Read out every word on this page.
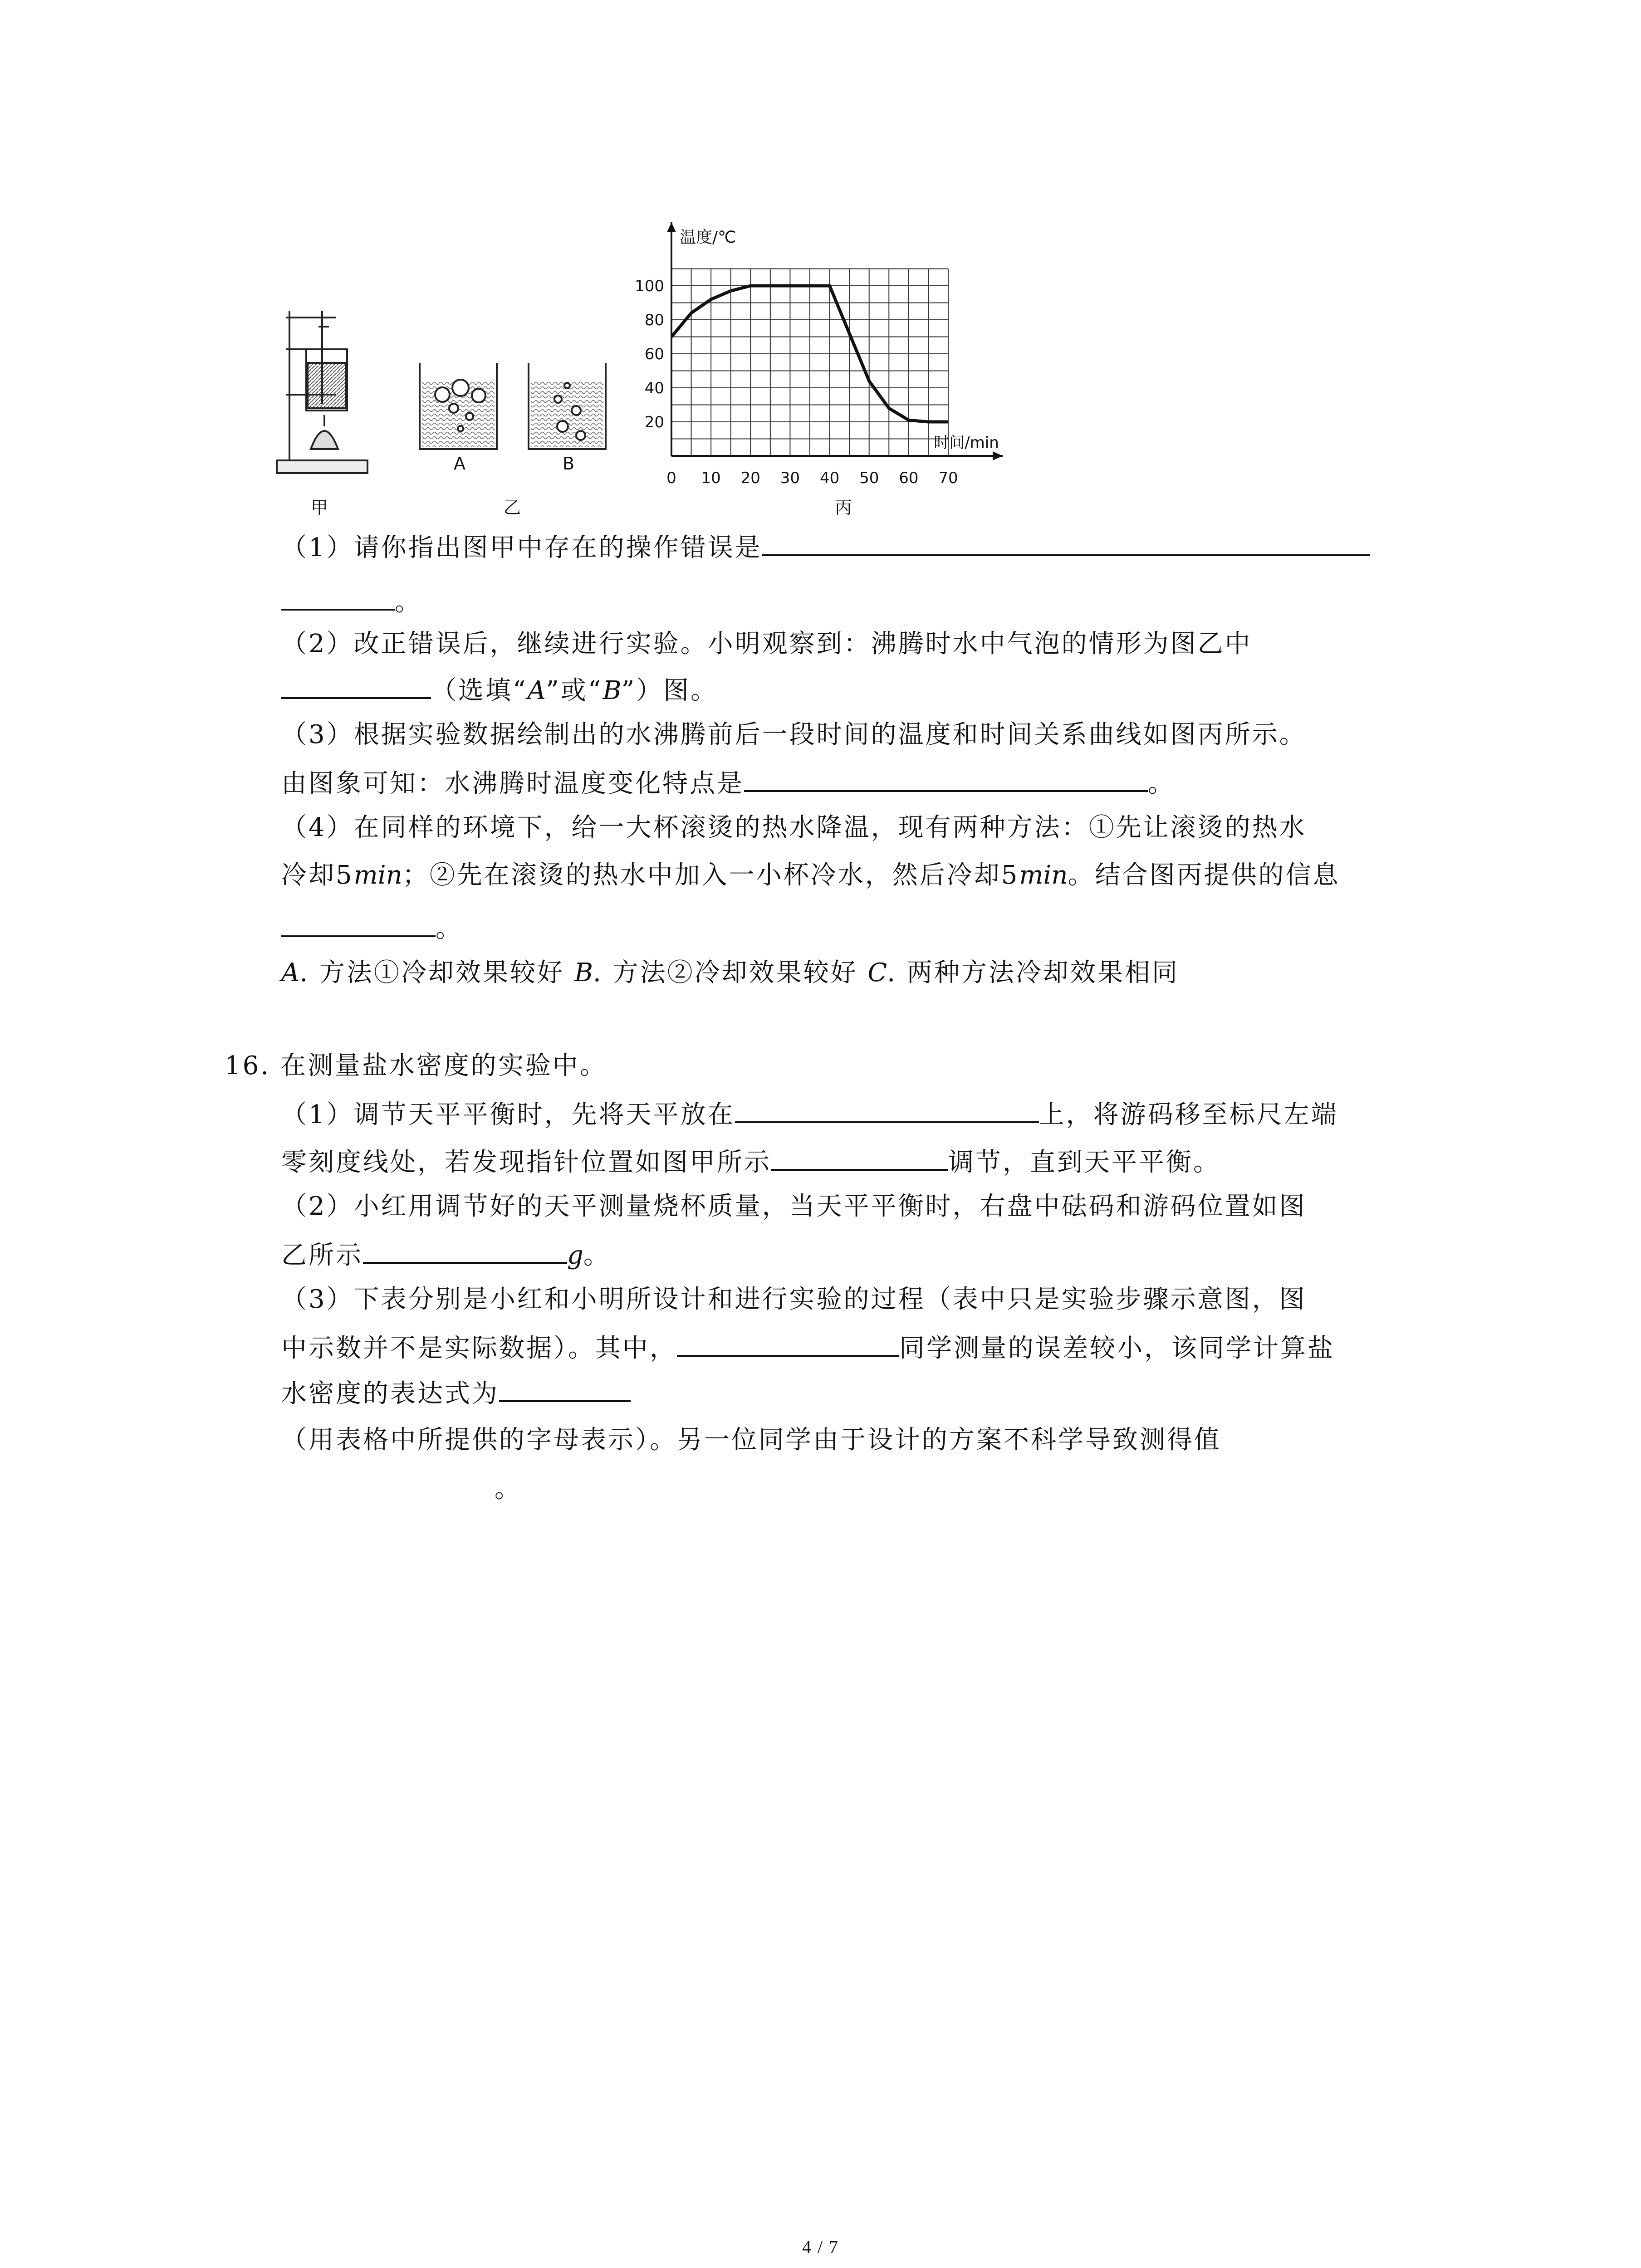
0 10 20 30 40 50 60 70
20
40
60
80
100
温度/℃
时间/min
甲
A	B
乙	丙
（1）请你指出图甲中存在的操作错误是
。
（2）改正错误后，继续进行实验。小明观察到：沸腾时水中气泡的情形为图乙中
（选填“A”或“B”）图。
（3）根据实验数据绘制出的水沸腾前后一段时间的温度和时间关系曲线如图丙所示。
由图象可知：水沸腾时温度变化特点是	。
（4）在同样的环境下，给一大杯滚烫的热水降温，现有两种方法：①先让滚烫的热水
冷却5min；②先在滚烫的热水中加入一小杯冷水，然后冷却5min。结合图丙提供的信息
。
A. 方法①冷却效果较好 B. 方法②冷却效果较好 C. 两种方法冷却效果相同
16. 在测量盐水密度的实验中。
（1）调节天平平衡时，先将天平放在	上，将游码移至标尺左端
零刻度线处，若发现指针位置如图甲所示	调节，直到天平平衡。
（2）小红用调节好的天平测量烧杯质量，当天平平衡时，右盘中砝码和游码位置如图
乙所示	g。
（3）下表分别是小红和小明所设计和进行实验的过程（表中只是实验步骤示意图，图
中示数并不是实际数据）。其中，	同学测量的误差较小，该同学计算盐
水密度的表达式为
（用表格中所提供的字母表示）。另一位同学由于设计的方案不科学导致测得值
。
4 / 7
